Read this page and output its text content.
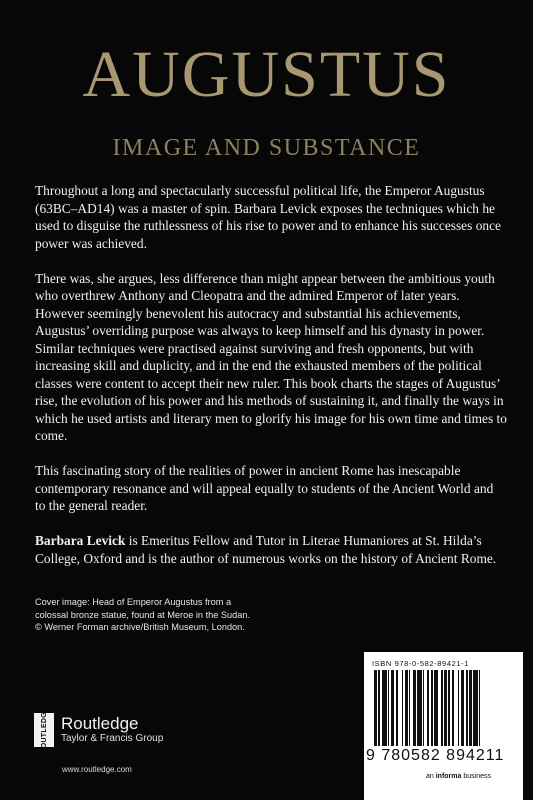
AUGUSTUS
IMAGE AND SUBSTANCE

Throughout a long and spectacularly successful political life, the Emperor Augustus (63BC–AD14) was a master of spin. Barbara Levick exposes the techniques which he used to disguise the ruthlessness of his rise to power and to enhance his successes once power was achieved.

There was, she argues, less difference than might appear between the ambitious youth who overthrew Anthony and Cleopatra and the admired Emperor of later years. However seemingly benevolent his autocracy and substantial his achievements, Augustus’ overriding purpose was always to keep himself and his dynasty in power. Similar techniques were practised against surviving and fresh opponents, but with increasing skill and duplicity, and in the end the exhausted members of the political classes were content to accept their new ruler. This book charts the stages of Augustus’ rise, the evolution of his power and his methods of sustaining it, and finally the ways in which he used artists and literary men to glorify his image for his own time and times to come.

This fascinating story of the realities of power in ancient Rome has inescapable contemporary resonance and will appeal equally to students of the Ancient World and to the general reader.

Barbara Levick is Emeritus Fellow and Tutor in Literae Humaniores at St. Hilda’s College, Oxford and is the author of numerous works on the history of Ancient Rome.

Cover image: Head of Emperor Augustus from a
colossal bronze statue, found at Meroe in the Sudan.
© Werner Forman archive/British Museum, London.
ROUTLEDGE Routledge
Taylor & Francis Group
www.routledge.com
ISBN 978-0-582-89421-1
9 780582 894211
an informa business
